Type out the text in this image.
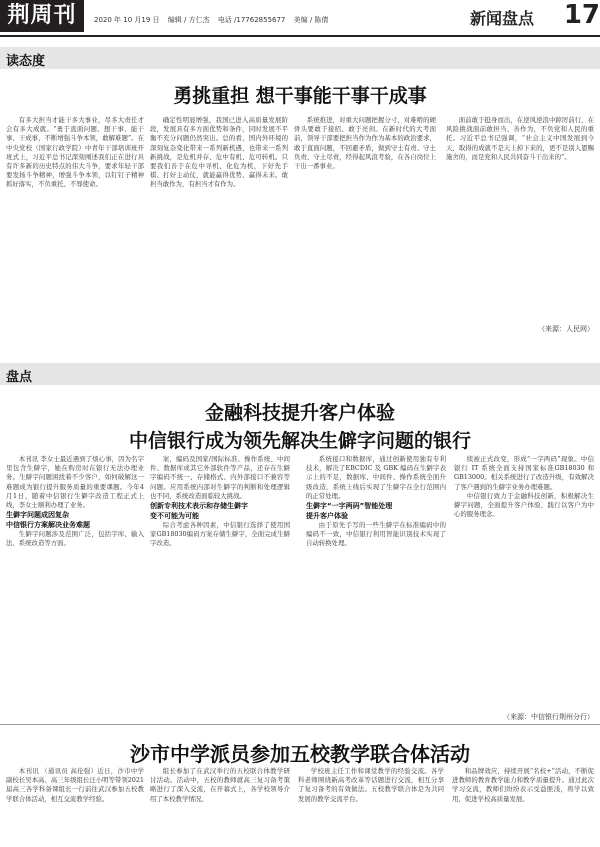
荆周刊	2020 年 10 月19 日 编辑 / 方仁杰 电话 /17762855677 美编 / 陈倩	新闻盘点 17
读态度
勇挑重担 想干事能干事干成事

有多大担当才能干多大事业，尽多大责任才会有多大成就。“勇于直面问题、想干事、能干事、干成事，不断增强斗争本领，敢解难题”。在中央党校（国家行政学院）中青年干部培训班开班式上，习近平总书记深刻阐述我们正在进行具有许多新的历史特点的伟大斗争，要求年轻干部要发扬斗争精神，增强斗争本领，以钉钉子精神抓好落实，不负重托、不辱使命。

确定性明显增强，我国已进入高质量发展阶段，发展具有多方面优势和条件，同时发展不平衡不充分问题仍然突出。总的看，国内外环境的深刻复杂变化带来一系列新机遇，也带来一系列新挑战，是危机并存、危中有机、危可转机。只要我们善于在危中寻机、化危为机，下好先手棋、打好主动仗，就能赢得优势、赢得未来。敢担当敢作为，有担当才有作为。

系统推进，对重大问题把握分寸，对难啃的硬骨头要敢于接招、敢于亮剑。在新时代的大考面前，领导干部要把担当作为作为基本的政治要求，敢于直面问题，不回避矛盾，做到守土有责、守土负责、守土尽责，经得起风浪考验，在各自岗位上干出一番事业。

面前敢于挺身而出，在逆风逆浪中踔厉前行，在风险挑战面前敢担当、善作为，不负党和人民的重托。习近平总书记强调，“社会主义中国发展到今天，取得的成就不是天上掉下来的，更不是别人恩赐施舍的，而是党和人民共同奋斗干出来的”。

（来源：人民网）
盘点
金融科技提升客户体验
中信银行成为领先解决生僻字问题的银行

本刊讯 李女士最近遇到了烦心事，因为名字里包含生僻字，她在购房时在银行无法办理业务。生僻字问题困扰着不少客户，如何破解这一难题成为银行提升服务质量的重要课题。今年4月1日，随着中信银行生僻字改造工程正式上线，李女士顺利办理了业务。

生僻字问题成因复杂

中信银行方案解决业务难题

生僻字问题涉及范围广泛，包括字库、输入法、系统改造等方面。

案，编码及国家/国际标准、操作系统、中间件、数据库或其它外部软件等产品，还存在生僻字编码不统一、存储格式、内外部接口不兼容等问题。应用系统内部对生僻字的判断和处理逻辑也不同，系统改造面临较大挑战。

创新专利技术表示和存储生僻字

变不可能为可能

综合考虑各种因素，中信银行选择了使用国家GB18030编码方案存储生僻字，全面完成生僻字改造。

系统接口和数据库，通过创新使用独有专利技术，解决了EBCDIC 及 GBK 编码在生僻字表示上的不足，数据库、中间件、操作系统全面升级改造，系统上线后实现了生僻字在全行范围内的正常处理。

生僻字“一字两码”智能处理

提升客户体验

由于原先手写的一些生僻字在标准编码中的编码不一致，中信银行利用智能识别技术实现了自动转换处理。

续被正式改变，形成“一字两码”现象。中信银行 IT 系统全面支持国家标准GB18030 和 GB13000。相关系统进行了改造升级，有效解决了客户遇到的生僻字业务办理难题。

中信银行致力于金融科技创新，积极解决生僻字问题，全面提升客户体验，践行以客户为中心的服务理念。

（来源：中信银行荆州分行）
沙市中学派员参加五校教学联合体活动

本刊讯 （通讯员 高伦强）近日，沙市中学副校长吴本高、高三年级组长汪小明等带领2021届高三各学科备课组长一行前往武汉参加五校教学联合体活动，相互交流教学经验。

组长参加了在武汉举行的五校联合体教学研讨活动。活动中，五校的教师就高三复习备考策略进行了深入交流，在开幕式上，各学校领导介绍了本校教学情况。

学校班主任工作和课堂教学的经验交流。各学科老师围绕新高考改革等话题进行交流，相互分享了复习备考的有效做法。五校教学联合体是为共同发展的教学交流平台。

和品牌效应，持续开展“名校+”活动，不断促进教师的教育教学能力和教学质量提升。通过此次学习交流，教师们纷纷表示受益匪浅，将学以致用，促进学校高质量发展。
